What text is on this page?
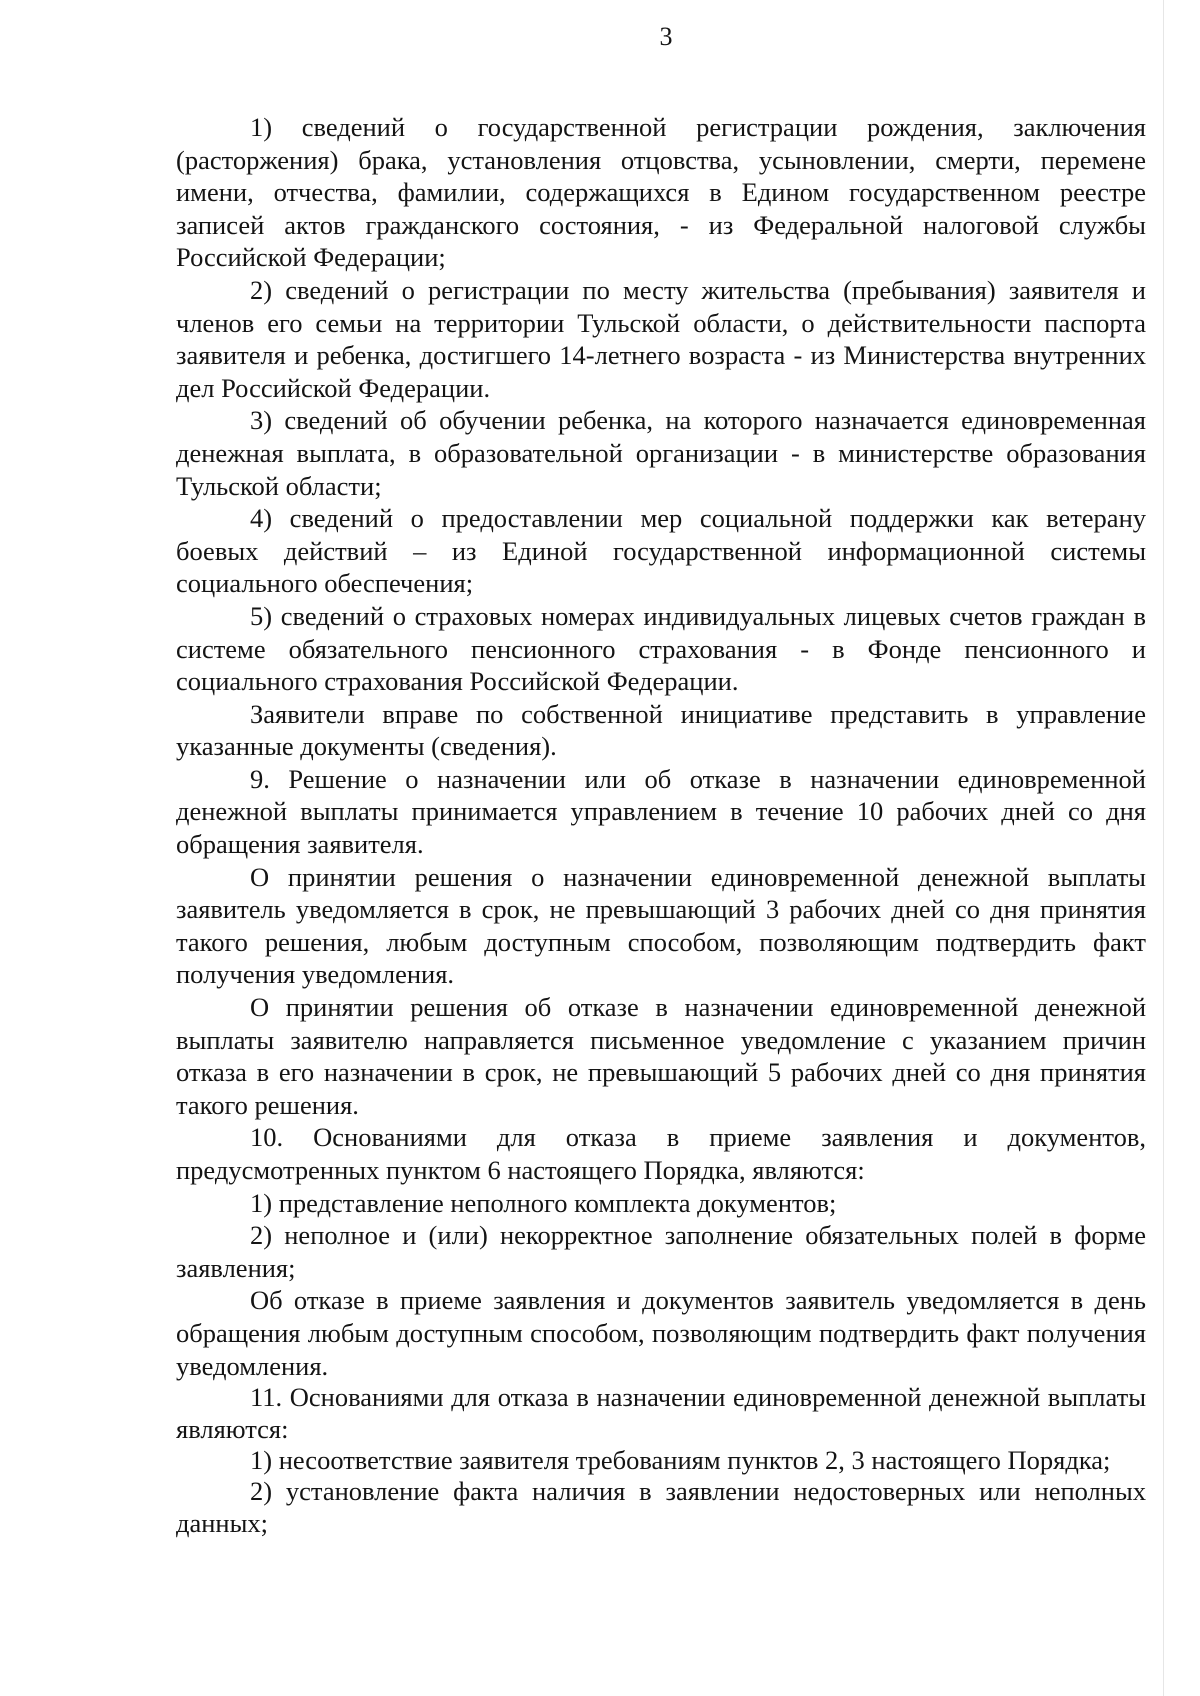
3

1) сведений о государственной регистрации рождения, заключения (расторжения) брака, установления отцовства, усыновлении, смерти, перемене имени, отчества, фамилии, содержащихся в Едином государственном реестре записей актов гражданского состояния, - из Федеральной налоговой службы Российской Федерации;

2) сведений о регистрации по месту жительства (пребывания) заявителя и членов его семьи на территории Тульской области, о действительности паспорта заявителя и ребенка, достигшего 14-летнего возраста - из Министерства внутренних дел Российской Федерации.

3) сведений об обучении ребенка, на которого назначается единовременная денежная выплата, в образовательной организации - в министерстве образования Тульской области;

4) сведений о предоставлении мер социальной поддержки как ветерану боевых действий – из Единой государственной информационной системы социального обеспечения;

5) сведений о страховых номерах индивидуальных лицевых счетов граждан в системе обязательного пенсионного страхования - в Фонде пенсионного и социального страхования Российской Федерации.

Заявители вправе по собственной инициативе представить в управление указанные документы (сведения).

9. Решение о назначении или об отказе в назначении единовременной денежной выплаты принимается управлением в течение 10 рабочих дней со дня обращения заявителя.

О принятии решения о назначении единовременной денежной выплаты заявитель уведомляется в срок, не превышающий 3 рабочих дней со дня принятия такого решения, любым доступным способом, позволяющим подтвердить факт получения уведомления.

О принятии решения об отказе в назначении единовременной денежной выплаты заявителю направляется письменное уведомление с указанием причин отказа в его назначении в срок, не превышающий 5 рабочих дней со дня принятия такого решения.

10. Основаниями для отказа в приеме заявления и документов, предусмотренных пунктом 6 настоящего Порядка, являются:

1) представление неполного комплекта документов;

2) неполное и (или) некорректное заполнение обязательных полей в форме заявления;

Об отказе в приеме заявления и документов заявитель уведомляется в день обращения любым доступным способом, позволяющим подтвердить факт получения уведомления.

11. Основаниями для отказа в назначении единовременной денежной выплаты являются:

1) несоответствие заявителя требованиям пунктов 2, 3 настоящего Порядка;

2) установление факта наличия в заявлении недостоверных или неполных данных;
